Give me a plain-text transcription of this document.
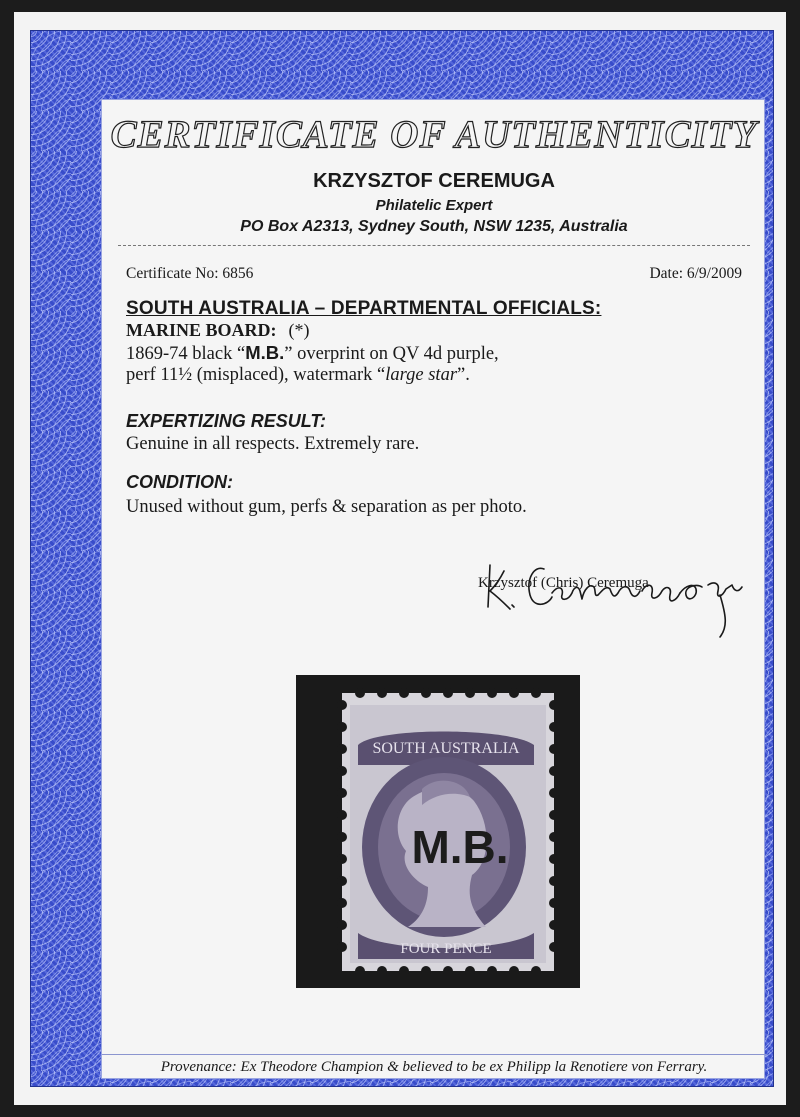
CERTIFICATE OF AUTHENTICITY

KRZYSZTOF CEREMUGA

Philatelic Expert

PO Box A2313, Sydney South, NSW 1235, Australia

Certificate No: 6856	Date: 6/9/2009

SOUTH AUSTRALIA – DEPARTMENTAL OFFICIALS:

MARINE BOARD: (*)

1869-74 black “M.B.” overprint on QV 4d purple,

perf 11½ (misplaced), watermark “large star”.

EXPERTIZING RESULT:

Genuine in all respects. Extremely rare.

CONDITION:

Unused without gum, perfs & separation as per photo.

Krzysztof (Chris) Ceremuga

SOUTH AUSTRALIA
FOUR PENCE
M.B.

Provenance: Ex Theodore Champion & believed to be ex Philipp la Renotiere von Ferrary.
